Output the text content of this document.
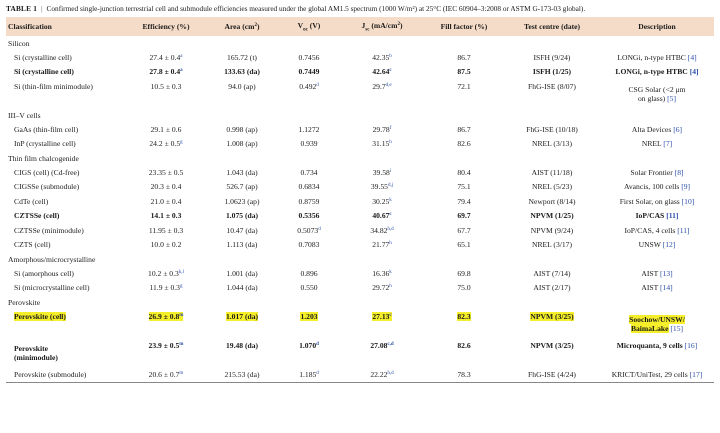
TABLE 1 | Confirmed single-junction terrestrial cell and submodule efficiencies measured under the global AM1.5 spectrum (1000 W/m²) at 25°C (IEC 60904–3:2008 or ASTM G-173-03 global).
Classification	Efficiency (%)	Area $(cm^2)$	$V_{oc}$ (V)	$J_{sc}$ $(mA/cm^2)$	Fill factor (%)	Test centre (date)	Description
Silicon							
Si (crystalline cell)	27.4 ± 0.4$^a$	165.72 (t)	0.7456	42.35$^b$	86.7	ISFH (9/24)	LONGi, n-type HTBC [4]
Si (crystalline cell)	27.8 ± 0.4$^a$	133.63 (da)	0.7449	42.64$^c$	87.5	ISFH (1/25)	LONGi, n-type HTBC [4]
Si (thin-film minimodule)	10.5 ± 0.3	94.0 (ap)	0.492$^d$	29.7$^{d,e}$	72.1	FhG-ISE (8/07)	CSG Solar (<2 μm
on glass) [5]
III–V cells							
GaAs (thin-film cell)	29.1 ± 0.6	0.998 (ap)	1.1272	29.78$^f$	86.7	FhG-ISE (10/18)	Alta Devices [6]
InP (crystalline cell)	24.2 ± 0.5$^g$	1.008 (ap)	0.939	31.15$^h$	82.6	NREL (3/13)	NREL [7]
Thin film chalcogenide							
CIGS (cell) (Cd-free)	23.35 ± 0.5	1.043 (da)	0.734	39.58$^i$	80.4	AIST (11/18)	Solar Frontier [8]
CIGSSe (submodule)	20.3 ± 0.4	526.7 (ap)	0.6834	39.55$^{d,j}$	75.1	NREL (5/23)	Avancis, 100 cells [9]
CdTe (cell)	21.0 ± 0.4	1.0623 (ap)	0.8759	30.25$^k$	79.4	Newport (8/14)	First Solar, on glass [10]
CZTSSe (cell)	14.1 ± 0.3	1.075 (da)	0.5356	40.67$^c$	69.7	NPVM (1/25)	IoP/CAS [11]
CZTSSe (minimodule)	11.95 ± 0.3	10.47 (da)	0.5073$^d$	34.82$^{h,d}$	67.7	NPVM (9/24)	IoP/CAS, 4 cells [11]
CZTS (cell)	10.0 ± 0.2	1.113 (da)	0.7083	21.77$^h$	65.1	NREL (3/17)	UNSW [12]
Amorphous/microcrystalline							
Si (amorphous cell)	$10.2 \pm 0.3^{k,l}$	1.001 (da)	0.896	16.36$^k$	69.8	AIST (7/14)	AIST [13]
Si (microcrystalline cell)	11.9 ± 0.3$^g$	1.044 (da)	0.550	29.72$^h$	75.0	AIST (2/17)	AIST [14]
Perovskite							
Perovskite (cell)	$26.9 \pm 0.8^m$	1.017 (da)	1.203	27.13$^c$	82.3	NPVM (3/25)	Soochow/UNSW/
BaimaLake [15]
Perovskite
(minimodule)	$23.9 \pm 0.5^m$	19.48 (da)	1.070$^d$	27.08$^{c,d}$	82.6	NPVM (3/25)	Microquanta, 9 cells [16]
Perovskite (submodule)	$20.6 \pm 0.7^m$	215.53 (da)	1.185$^d$	22.22$^{h,d}$	78.3	FhG-ISE (4/24)	KRICT/UniTest, 29 cells [17]
